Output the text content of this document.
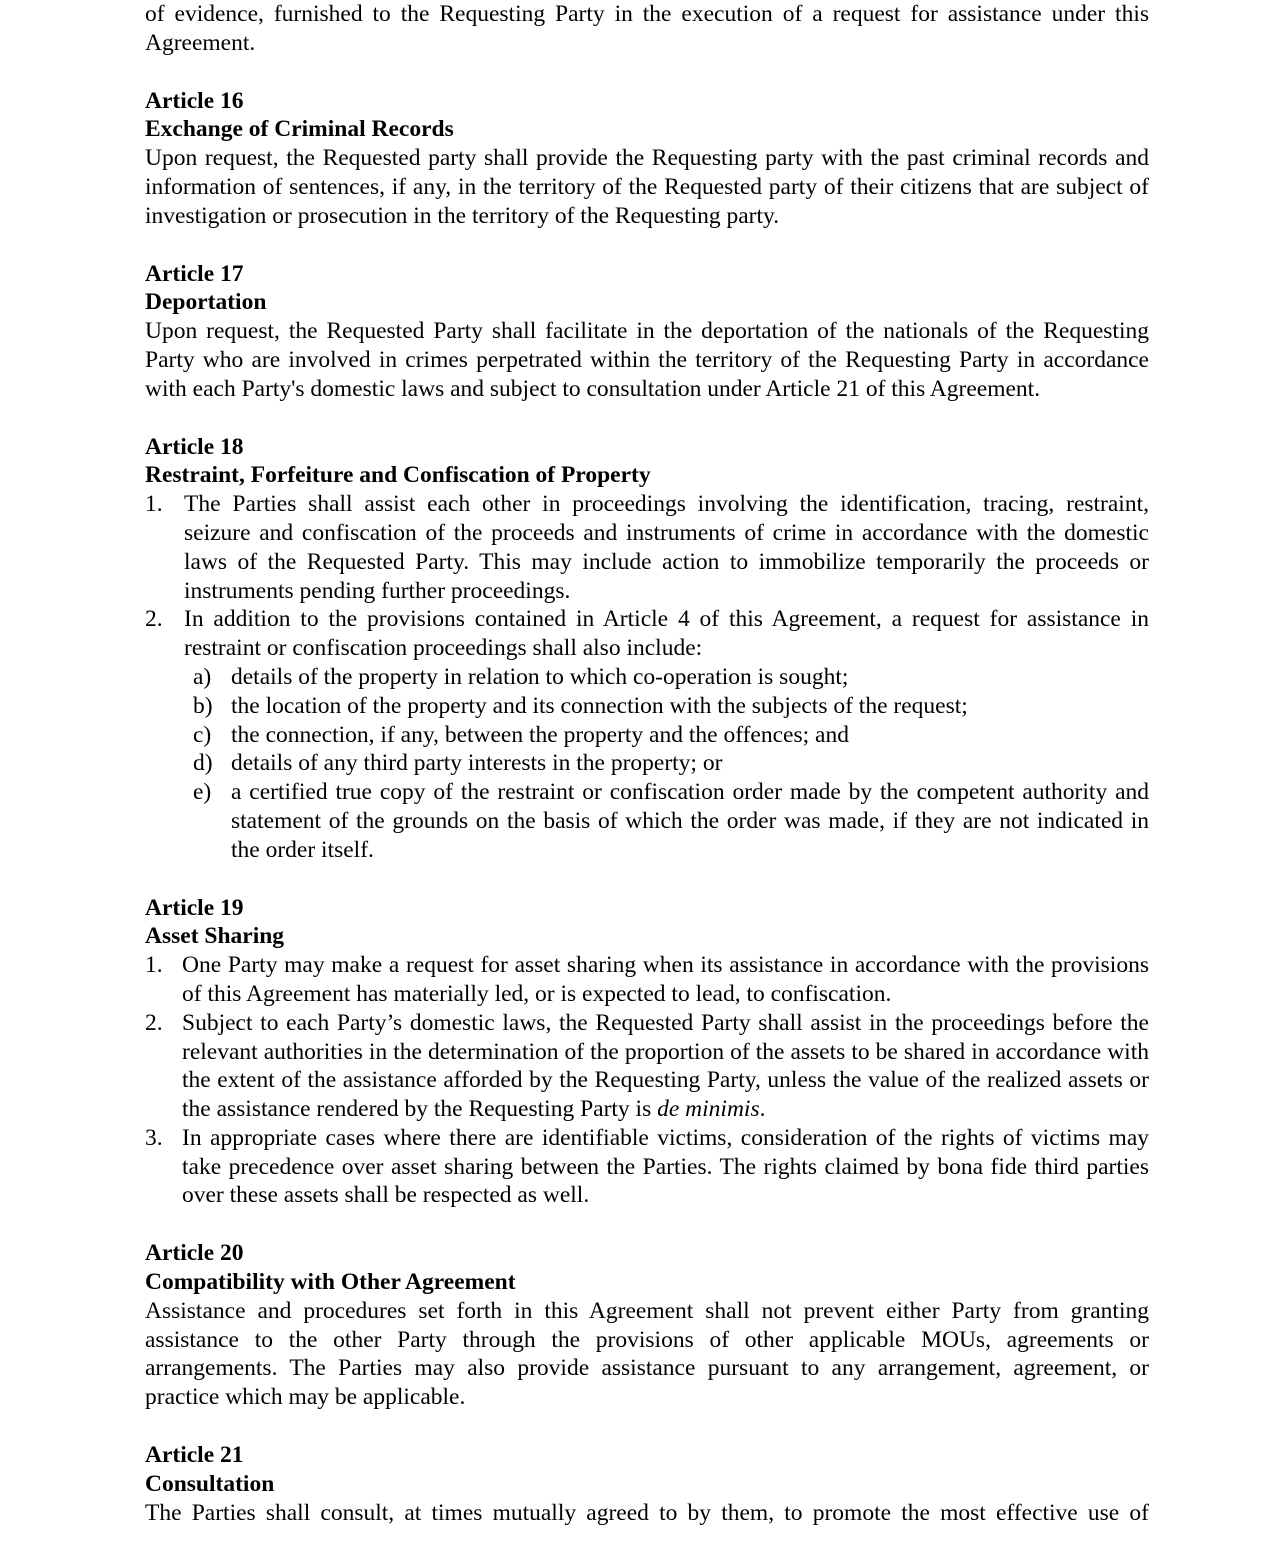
of evidence, furnished to the Requesting Party in the execution of a request for assistance under this Agreement.

Article 16

Exchange of Criminal Records

Upon request, the Requested party shall provide the Requesting party with the past criminal records and information of sentences, if any, in the territory of the Requested party of their citizens that are subject of investigation or prosecution in the territory of the Requesting party.

Article 17

Deportation

Upon request, the Requested Party shall facilitate in the deportation of the nationals of the Requesting Party who are involved in crimes perpetrated within the territory of the Requesting Party in accordance with each Party's domestic laws and subject to consultation under Article 21 of this Agreement.

Article 18

Restraint, Forfeiture and Confiscation of Property

1. The Parties shall assist each other in proceedings involving the identification, tracing, restraint, seizure and confiscation of the proceeds and instruments of crime in accordance with the domestic laws of the Requested Party. This may include action to immobilize temporarily the proceeds or instruments pending further proceedings.
2. In addition to the provisions contained in Article 4 of this Agreement, a request for assistance in restraint or confiscation proceedings shall also include:
a) details of the property in relation to which co-operation is sought;
b) the location of the property and its connection with the subjects of the request;
c) the connection, if any, between the property and the offences; and
d) details of any third party interests in the property; or
e) a certified true copy of the restraint or confiscation order made by the competent authority and statement of the grounds on the basis of which the order was made, if they are not indicated in the order itself.

Article 19

Asset Sharing

1. One Party may make a request for asset sharing when its assistance in accordance with the provisions of this Agreement has materially led, or is expected to lead, to confiscation.
2. Subject to each Party’s domestic laws, the Requested Party shall assist in the proceedings before the relevant authorities in the determination of the proportion of the assets to be shared in accordance with the extent of the assistance afforded by the Requesting Party, unless the value of the realized assets or the assistance rendered by the Requesting Party is de minimis.
3. In appropriate cases where there are identifiable victims, consideration of the rights of victims may take precedence over asset sharing between the Parties. The rights claimed by bona fide third parties over these assets shall be respected as well.

Article 20

Compatibility with Other Agreement

Assistance and procedures set forth in this Agreement shall not prevent either Party from granting assistance to the other Party through the provisions of other applicable MOUs, agreements or arrangements. The Parties may also provide assistance pursuant to any arrangement, agreement, or practice which may be applicable.

Article 21

Consultation

The Parties shall consult, at times mutually agreed to by them, to promote the most effective use of
